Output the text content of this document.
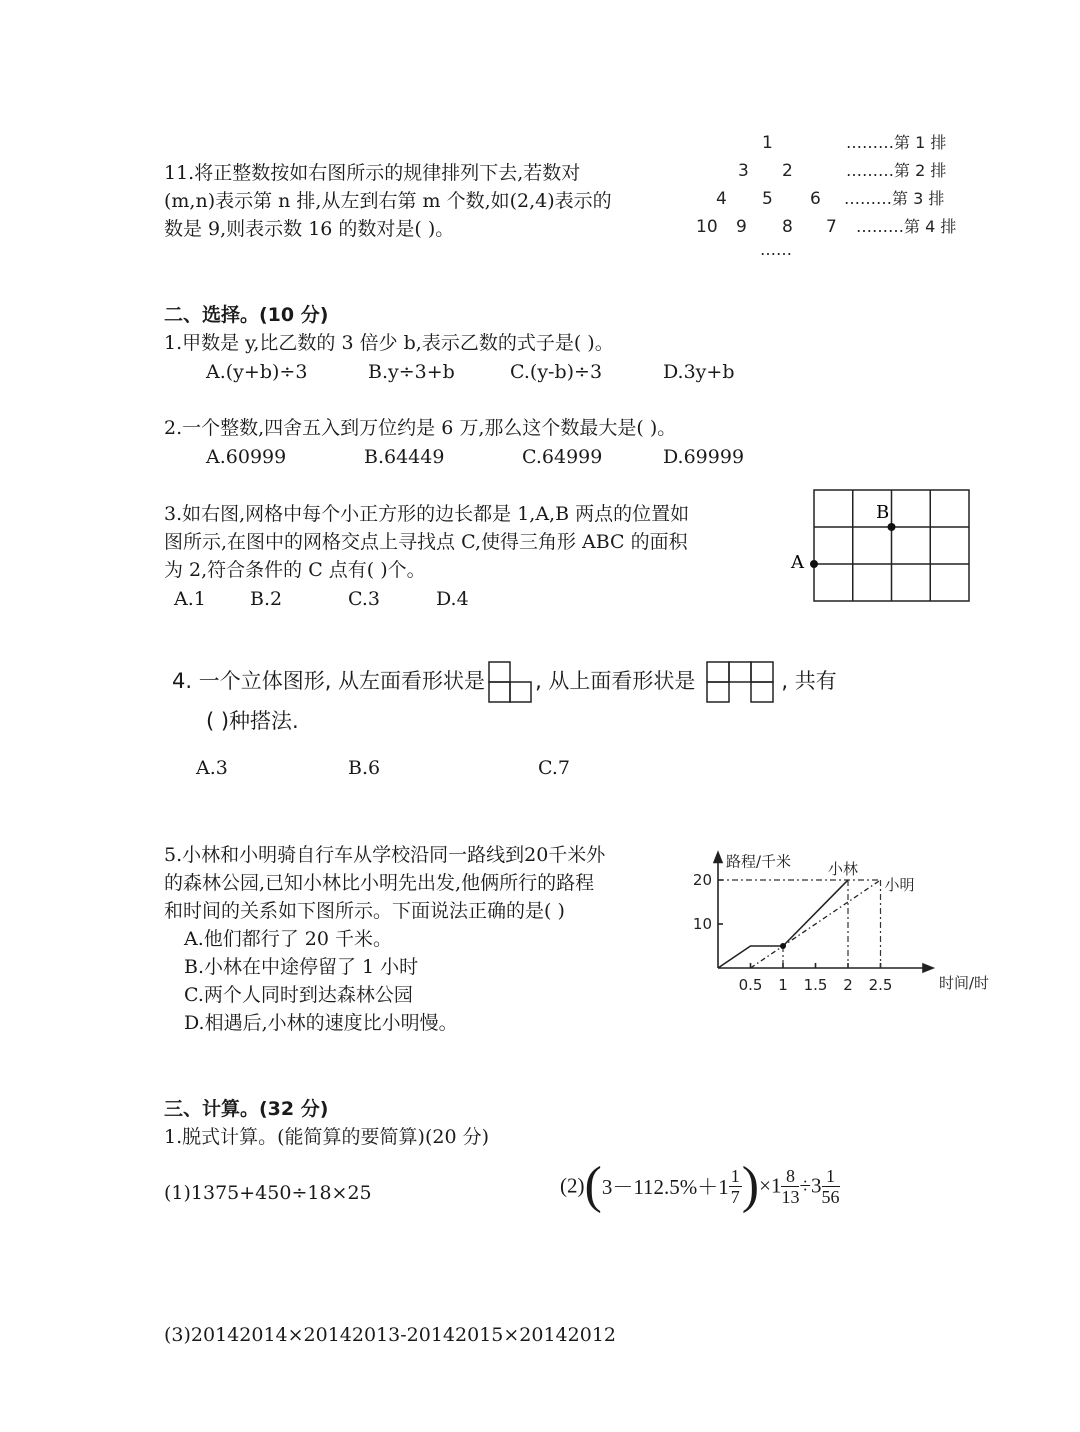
11.将正整数按如右图所示的规律排列下去,若数对
(m,n)表示第 n 排,从左到右第 m 个数,如(2,4)表示的
数是 9,则表示数 16 的数对是( )。
1
3 2
4 5 6
10 9 8 7
………第 1 排
………第 2 排
………第 3 排
………第 4 排
……
二、选择。(10 分)
1.甲数是 y,比乙数的 3 倍少 b,表示乙数的式子是( )。
A.(y+b)÷3	B.y÷3+b	C.(y-b)÷3	D.3y+b
2.一个整数,四舍五入到万位约是 6 万,那么这个数最大是( )。
A.60999	B.64449	C.64999	D.69999
3.如右图,网格中每个小正方形的边长都是 1,A,B 两点的位置如
图所示,在图中的网格交点上寻找点 C,使得三角形 ABC 的面积
为 2,符合条件的 C 点有( )个。
A.1 B.2	C.3	D.4
A
B
4. 一个立体图形, 从左面看形状是 , 从上面看形状是	, 共有
( )种搭法.
A.3	B.6	C.7
5.小林和小明骑自行车从学校沿同一路线到20千米外
的森林公园,已知小林比小明先出发,他俩所行的路程
和时间的关系如下图所示。下面说法正确的是( )
A.他们都行了 20 千米。
B.小林在中途停留了 1 小时
C.两个人同时到达森林公园
D.相遇后,小林的速度比小明慢。
0.5 1 1.5 2 2.5
10
20
路程/千米
时间/时
小林
小明
三、计算。(32 分)
1.脱式计算。(能简算的要简算)(20 分)
(1)1375+450÷18×25	$(2)(3-112.5\%+1 \frac{1}{7} )\times 1 \frac{8}{13} \div 3 \frac{1}{56}$
(3)20142014×20142013-20142015×20142012
